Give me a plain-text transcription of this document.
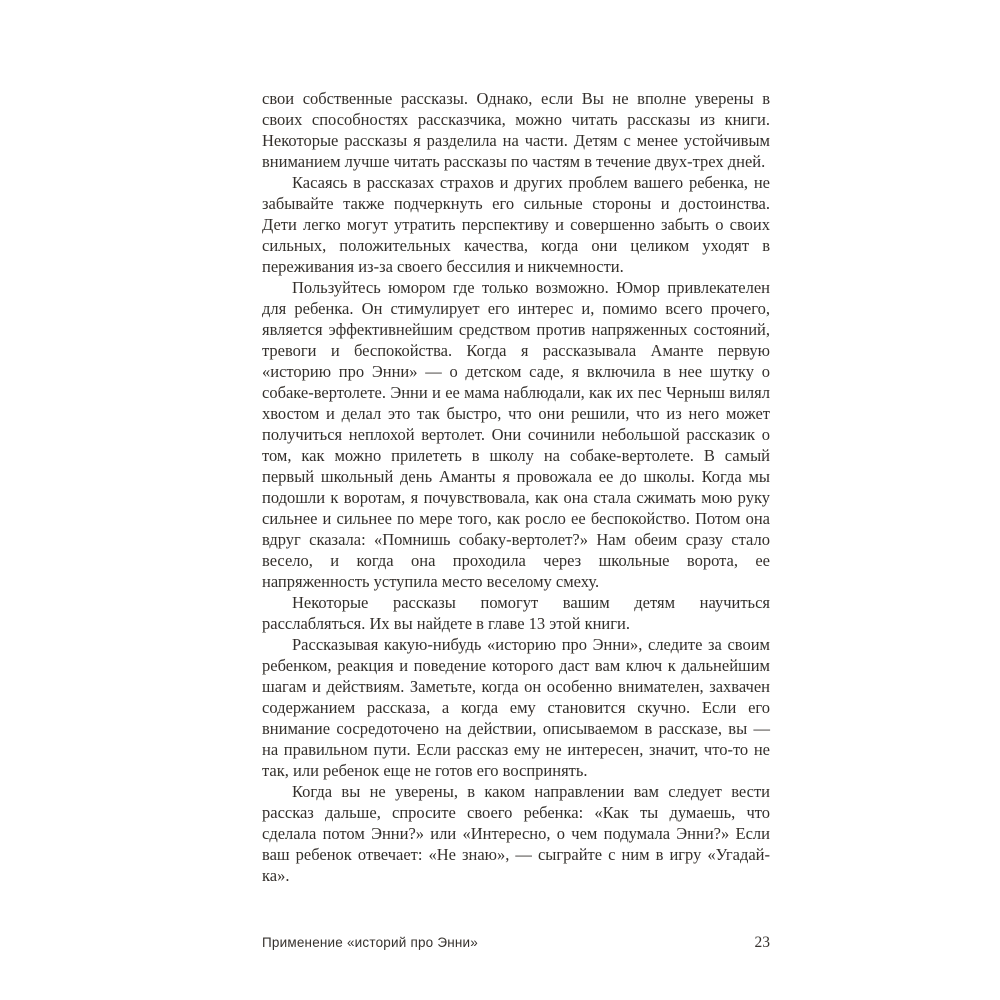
свои собственные рассказы. Однако, если Вы не вполне уверены в своих способностях рассказчика, можно читать рассказы из книги. Некоторые рассказы я разделила на части. Детям с менее устойчивым вниманием лучше читать рассказы по частям в течение двух-трех дней.

Касаясь в рассказах страхов и других проблем вашего ребенка, не забывайте также подчеркнуть его сильные стороны и достоинства. Дети легко могут утратить перспективу и совершенно забыть о своих сильных, положительных качества, когда они целиком уходят в переживания из-за своего бессилия и никчемности.

Пользуйтесь юмором где только возможно. Юмор привлекателен для ребенка. Он стимулирует его интерес и, помимо всего прочего, является эффективнейшим средством против напряженных состояний, тревоги и беспокойства. Когда я рассказывала Аманте первую «историю про Энни» — о детском саде, я включила в нее шутку о собаке-вертолете. Энни и ее мама наблюдали, как их пес Черныш вилял хвостом и делал это так быстро, что они решили, что из него может получиться неплохой вертолет. Они сочинили небольшой рассказик о том, как можно прилететь в школу на собаке-вертолете. В самый первый школьный день Аманты я провожала ее до школы. Когда мы подошли к воротам, я почувствовала, как она стала сжимать мою руку сильнее и сильнее по мере того, как росло ее беспокойство. Потом она вдруг сказала: «Помнишь собаку-вертолет?» Нам обеим сразу стало весело, и когда она проходила через школьные ворота, ее напряженность уступила место веселому смеху.

Некоторые рассказы помогут вашим детям научиться расслабляться. Их вы найдете в главе 13 этой книги.

Рассказывая какую-нибудь «историю про Энни», следите за своим ребенком, реакция и поведение которого даст вам ключ к дальнейшим шагам и действиям. Заметьте, когда он особенно внимателен, захвачен содержанием рассказа, а когда ему становится скучно. Если его внимание сосредоточено на действии, описываемом в рассказе, вы — на правильном пути. Если рассказ ему не интересен, значит, что-то не так, или ребенок еще не готов его воспринять.

Когда вы не уверены, в каком направлении вам следует вести рассказ дальше, спросите своего ребенка: «Как ты думаешь, что сделала потом Энни?» или «Интересно, о чем подумала Энни?» Если ваш ребенок отвечает: «Не знаю», — сыграйте с ним в игру «Угадай-ка».

Применение «историй про Энни»	23
